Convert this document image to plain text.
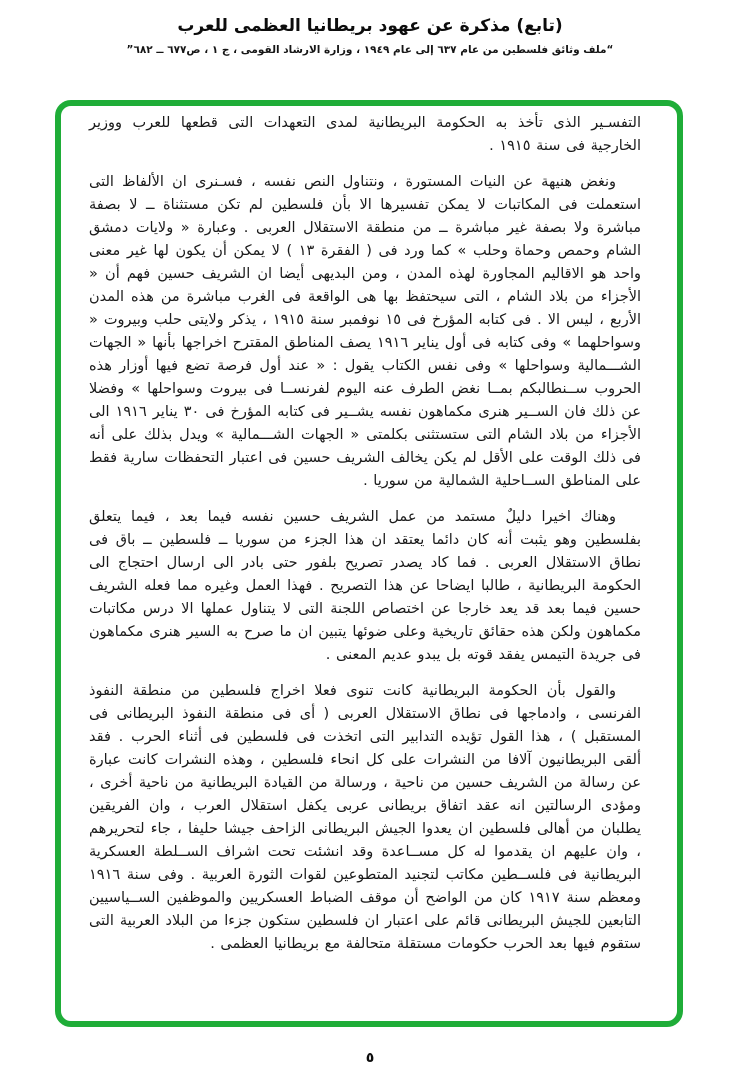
(تابع) مذكرة عن عهود بريطانيا العظمى للعرب
“ملف وثائق فلسطين من عام ٦٣٧ إلى عام ١٩٤٩ ، وزارة الارشاد القومى ، ج ١ ، ص٦٧٧ ــ ٦٨٢”

التفسـير الذى تأخذ به الحكومة البريطانية لمدى التعهدات التى قطعها للعرب ووزير الخارجية فى سنة ١٩١٥ .

ونغض هنيهة عن النيات المستورة ، ونتناول النص نفسه ، فسـنرى ان الألفاظ التى استعملت فى المكاتبات لا يمكن تفسيرها الا بأن فلسطين لم تكن مستثناة ــ لا بصفة مباشرة ولا بصفة غير مباشرة ــ من منطقة الاستقلال العربى . وعبارة « ولايات دمشق الشام وحمص وحماة وحلب » كما ورد فى ( الفقرة ١٣ ) لا يمكن أن يكون لها غير معنى واحد هو الاقاليم المجاورة لهذه المدن ، ومن البديهى أيضا ان الشريف حسين فهم أن « الأجزاء من بلاد الشام ، التى سيحتفظ بها هى الواقعة فى الغرب مباشرة من هذه المدن الأربع ، ليس الا . فى كتابه المؤرخ فى ١٥ نوفمبر سنة ١٩١٥ ، يذكر ولايتى حلب وبيروت « وسواحلهما » وفى كتابه فى أول يناير ١٩١٦ يصف المناطق المقترح اخراجها بأنها « الجهات الشـــمالية وسواحلها » وفى نفس الكتاب يقول : « عند أول فرصة تضع فيها أوزار هذه الحروب ســنطالبكم بمــا نغض الطرف عنه اليوم لفرنســا فى بيروت وسواحلها » وفضلا عن ذلك فان الســير هنرى مكماهون نفسه يشــير فى كتابه المؤرخ فى ٣٠ يناير ١٩١٦ الى الأجزاء من بلاد الشام التى ستستثنى بكلمتى « الجهات الشـــمالية » ويدل بذلك على أنه فى ذلك الوقت على الأقل لم يكن يخالف الشريف حسين فى اعتبار التحفظات سارية فقط على المناطق الســاحلية الشمالية من سوريا .

وهناك اخيرا دليلٌ مستمد من عمل الشريف حسين نفسه فيما بعد ، فيما يتعلق بفلسطين وهو يثبت أنه كان دائما يعتقد ان هذا الجزء من سوريا ــ فلسطين ــ باق فى نطاق الاستقلال العربى . فما كاد يصدر تصريح بلفور حتى بادر الى ارسال احتجاج الى الحكومة البريطانية ، طالبا ايضاحا عن هذا التصريح . فهذا العمل وغيره مما فعله الشريف حسين فيما بعد قد يعد خارجا عن اختصاص اللجنة التى لا يتناول عملها الا درس مكاتبات مكماهون ولكن هذه حقائق تاريخية وعلى ضوئها يتبين ان ما صرح به السير هنرى مكماهون فى جريدة التيمس يفقد قوته بل يبدو عديم المعنى .

والقول بأن الحكومة البريطانية كانت تنوى فعلا اخراج فلسطين من منطقة النفوذ الفرنسى ، وادماجها فى نطاق الاستقلال العربى ( أى فى منطقة النفوذ البريطانى فى المستقبل ) ، هذا القول تؤيده التدابير التى اتخذت فى فلسطين فى أثناء الحرب . فقد ألقى البريطانيون آلافا من النشرات على كل انحاء فلسطين ، وهذه النشرات كانت عبارة عن رسالة من الشريف حسين من ناحية ، ورسالة من القيادة البريطانية من ناحية أخرى ، ومؤدى الرسالتين انه عقد اتفاق بريطانى عربى يكفل استقلال العرب ، وان الفريقين يطلبان من أهالى فلسطين ان يعدوا الجيش البريطانى الزاحف جيشا حليفا ، جاء لتحريرهم ، وان عليهم ان يقدموا له كل مســاعدة وقد انشئت تحت اشراف الســلطة العسكرية البريطانية فى فلســطين مكاتب لتجنيد المتطوعين لقوات الثورة العربية . وفى سنة ١٩١٦ ومعظم سنة ١٩١٧ كان من الواضح أن موقف الضباط العسكريين والموظفين الســياسيين التابعين للجيش البريطانى قائم على اعتبار ان فلسطين ستكون جزءا من البلاد العربية التى ستقوم فيها بعد الحرب حكومات مستقلة متحالفة مع بريطانيا العظمى .

٥
